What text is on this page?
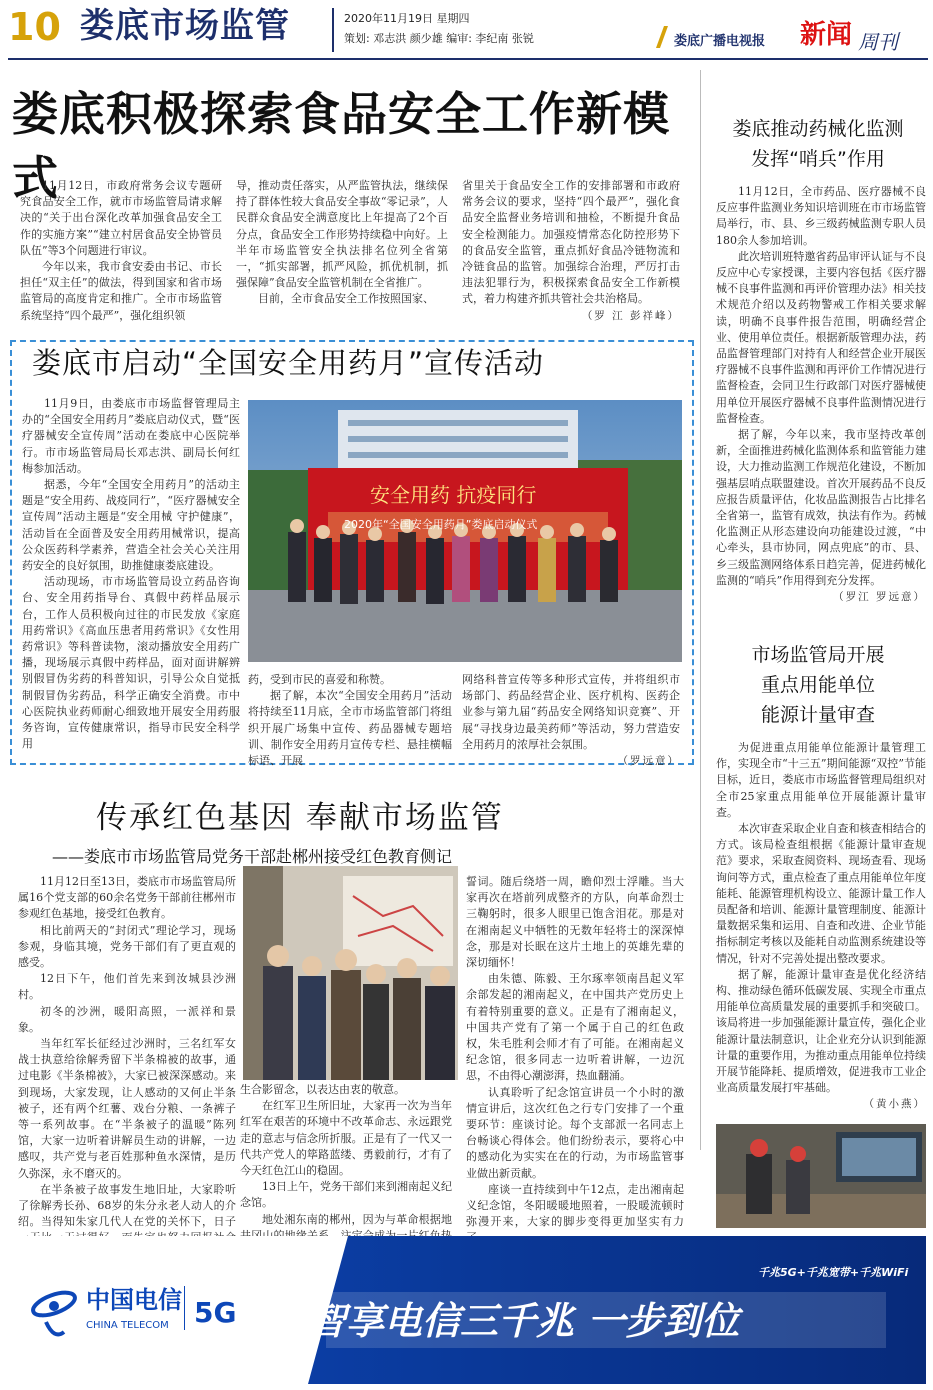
10 娄底市场监管	2020年11月19日 星期四
策划: 邓志洪 颜少雄 编审: 李纪南 张锐	娄底广播电视报 新闻 周刊
娄底积极探索食品安全工作新模式

11月12日，市政府常务会议专题研究食品安全工作，就市市场监管局请求解决的“关于出台深化改革加强食品安全工作的实施方案”“建立村居食品安全协管员队伍”等3个问题进行审议。

今年以来，我市食安委由书记、市长担任“双主任”的做法，得到国家和省市场监管局的高度肯定和推广。全市市场监管系统坚持“四个最严”，强化组织领

导，推动责任落实，从严监管执法，继续保持了群体性较大食品安全事故“零记录”，人民群众食品安全满意度比上年提高了2个百分点，食品安全工作形势持续稳中向好。上半年市场监管安全执法排名位列全省第一，“抓实部署，抓严风险，抓优机制，抓强保障”食品安全监管机制在全省推广。

目前，全市食品安全工作按照国家、

省里关于食品安全工作的安排部署和市政府常务会议的要求，坚持“四个最严”，强化食品安全监督业务培训和抽检，不断提升食品安全检测能力。加强疫情常态化防控形势下的食品安全监管，重点抓好食品冷链物流和冷链食品的监管。加强综合治理，严厉打击违法犯罪行为，积极探索食品安全工作新模式，着力构建齐抓共管社会共治格局。

（罗 江 彭祥峰）
娄底市启动“全国安全用药月”宣传活动

11月9日，由娄底市市场监督管理局主办的“全国安全用药月”娄底启动仪式，暨“医疗器械安全宣传周”活动在娄底中心医院举行。市市场监管局局长邓志洪、副局长何红梅参加活动。

据悉，今年“全国安全用药月”的活动主题是“安全用药、战疫同行”，“医疗器械安全宣传周”活动主题是“安全用械 守护健康”，活动旨在全面普及安全用药用械常识，提高公众医药科学素养，营造全社会关心关注用药安全的良好氛围，助推健康娄底建设。

活动现场，市市场监管局设立药品咨询台、安全用药指导台、真假中药样品展示台，工作人员积极向过往的市民发放《家庭用药常识》《高血压患者用药常识》《女性用药常识》等科普读物，滚动播放安全用药广播，现场展示真假中药样品，面对面讲解辨别假冒伪劣药的科普知识，引导公众自觉抵制假冒伪劣药品，科学正确安全消费。市中心医院执业药师耐心细致地开展安全用药服务咨询，宣传健康常识，指导市民安全科学用

安全用药 抗疫同行
2020年“全国安全用药月”娄底启动仪式

药，受到市民的喜爱和称赞。

据了解，本次“全国安全用药月”活动将持续至11月底，全市市场监管部门将组织开展广场集中宣传、药品器械专题培训、制作安全用药月宣传专栏、悬挂横幅标语、开展

网络科普宣传等多种形式宣传，并将组织市场部门、药品经营企业、医疗机构、医药企业参与第九届“药品安全网络知识竞赛”、开展“寻找身边最美药师”等活动，努力营造安全用药月的浓厚社会氛围。

（罗远意）
传承红色基因 奉献市场监管
——娄底市市场监管局党务干部赴郴州接受红色教育侧记

11月12日至13日，娄底市市场监管局所属16个党支部的60余名党务干部前往郴州市参观红色基地，接受红色教育。

相比前两天的“封闭式”理论学习，现场参观，身临其境，党务干部们有了更直观的感受。

12日下午，他们首先来到汝城县沙洲村。

初冬的沙洲，暖阳高照，一派祥和景象。

当年红军长征经过沙洲时，三名红军女战士执意给徐解秀留下半条棉被的故事，通过电影《半条棉被》，大家已被深深感动。来到现场，大家发现，让人感动的又何止半条被子，还有两个红薯、戏台分粮、一条裤子等一系列故事。在“半条被子的温暖”陈列馆，大家一边听着讲解员生动的讲解，一边感叹，共产党与老百姓那种鱼水深情，是历久弥深，永不磨灭的。

在半条被子故事发生地旧址，大家聆听了徐解秀长孙、68岁的朱分永老人动人的介绍。当得知朱家几代人在党的关怀下，日子

生合影留念，以表达由衷的敬意。

在红军卫生所旧址，大家再一次为当年红军在艰苦的环境中不改革命志、永远跟党走的意志与信念所折服。正是有了一代又一代共产党人的筚路蓝缕、勇毅前行，才有了今天红色江山的稳固。

13日上午，党务干部们来到湘南起义纪念馆。

地处湘东南的郴州，因为与革命根据地

誓词。随后绕塔一周，瞻仰烈士浮雕。当大家再次在塔前列成整齐的方队，向革命烈士三鞠躬时，很多人眼里已饱含泪花。那是对在湘南起义中牺牲的无数年轻将士的深深悼念，那是对长眠在这片土地上的英雄先辈的深切缅怀！

由朱德、陈毅、王尔琢率领南昌起义军余部发起的湘南起义，在中国共产党历史上有着特别重要的意义。正是有了湘南起义，中国共产党有了第一个属于自己的红色政权，朱毛胜利会师才有了可能。在湘南起义纪念馆，很多同志一边听着讲解，一边沉思，不由得心潮澎湃，热血翻涌。

认真聆听了纪念馆宣讲员一个小时的激情宣讲后，这次红色之行专门安排了一个重要环节：座谈讨论。每个支部派一名同志上台畅谈心得体会。他们纷纷表示，要将心中的感动化为实实在在的行动，为市场监管事业做出新贡献。

座谈一直持续到中午12点，走出湘南起义纪念馆，冬阳暖暖地照着，一股暖流顿时弥漫开来，大家的脚步变得更加坚实有力

娄底推动药械化监测
发挥“哨兵”作用

11月12日，全市药品、医疗器械不良反应事件监测业务知识培训班在市市场监管局举行，市、县、乡三级药械监测专职人员180余人参加培训。

此次培训班特邀省药品审评认证与不良反应中心专家授课，主要内容包括《医疗器械不良事件监测和再评价管理办法》相关技术规范介绍以及药物警戒工作相关要求解读，明确不良事件报告范围，明确经营企业、使用单位责任。根据新版管理办法，药品监督管理部门对持有人和经营企业开展医疗器械不良事件监测和再评价工作情况进行监督检查，会同卫生行政部门对医疗器械使用单位开展医疗器械不良事件监测情况进行监督检查。

据了解，今年以来，我市坚持改革创新，全面推进药械化监测体系和监管能力建设，大力推动监测工作规范化建设，不断加强基层哨点联盟建设。首次开展药品不良反应报告质量评估，化妆品监测报告占比排名全省第一，监管有成效，执法有作为。药械化监测正从形态建设向功能建设过渡，“中心牵头，县市协同，网点兜底”的市、县、乡三级监测网络体系日趋完善，促进药械化监测的“哨兵”作用得到充分发挥。

（罗江 罗远意）
市场监管局开展
重点用能单位
能源计量审查

为促进重点用能单位能源计量管理工作，实现全市“十三五”期间能源“双控”节能目标，近日，娄底市市场监督管理局组织对全市25家重点用能单位开展能源计量审查。

本次审查采取企业自查和核查相结合的方式。该局检查组根据《能源计量审查规范》要求，采取查阅资料、现场查看、现场询问等方式，重点检查了重点用能单位年度能耗、能源管理机构设立、能源计量工作人员配备和培训、能源计量管理制度、能源计量数据采集和运用、自查和改进、企业节能指标制定考核以及能耗自动监测系统建设等情况，针对不完善处提出整改要求。

据了解，能源计量审查是优化经济结构、推动绿色循环低碳发展、实现全市重点用能单位高质量发展的重要抓手和突破口。该局将进一步加强能源计量宣传，强化企业能源计量法制意识，让企业充分认识到能源计量的重要作用，为推动重点用能单位持续开展节能降耗、提质增效，促进我市工业企业高质量发展打牢基础。

（黄小燕）
中国电信
CHINA TELECOM 5G
千兆5G+千兆宽带+千兆WiFi
智享电信三千兆 一步到位
